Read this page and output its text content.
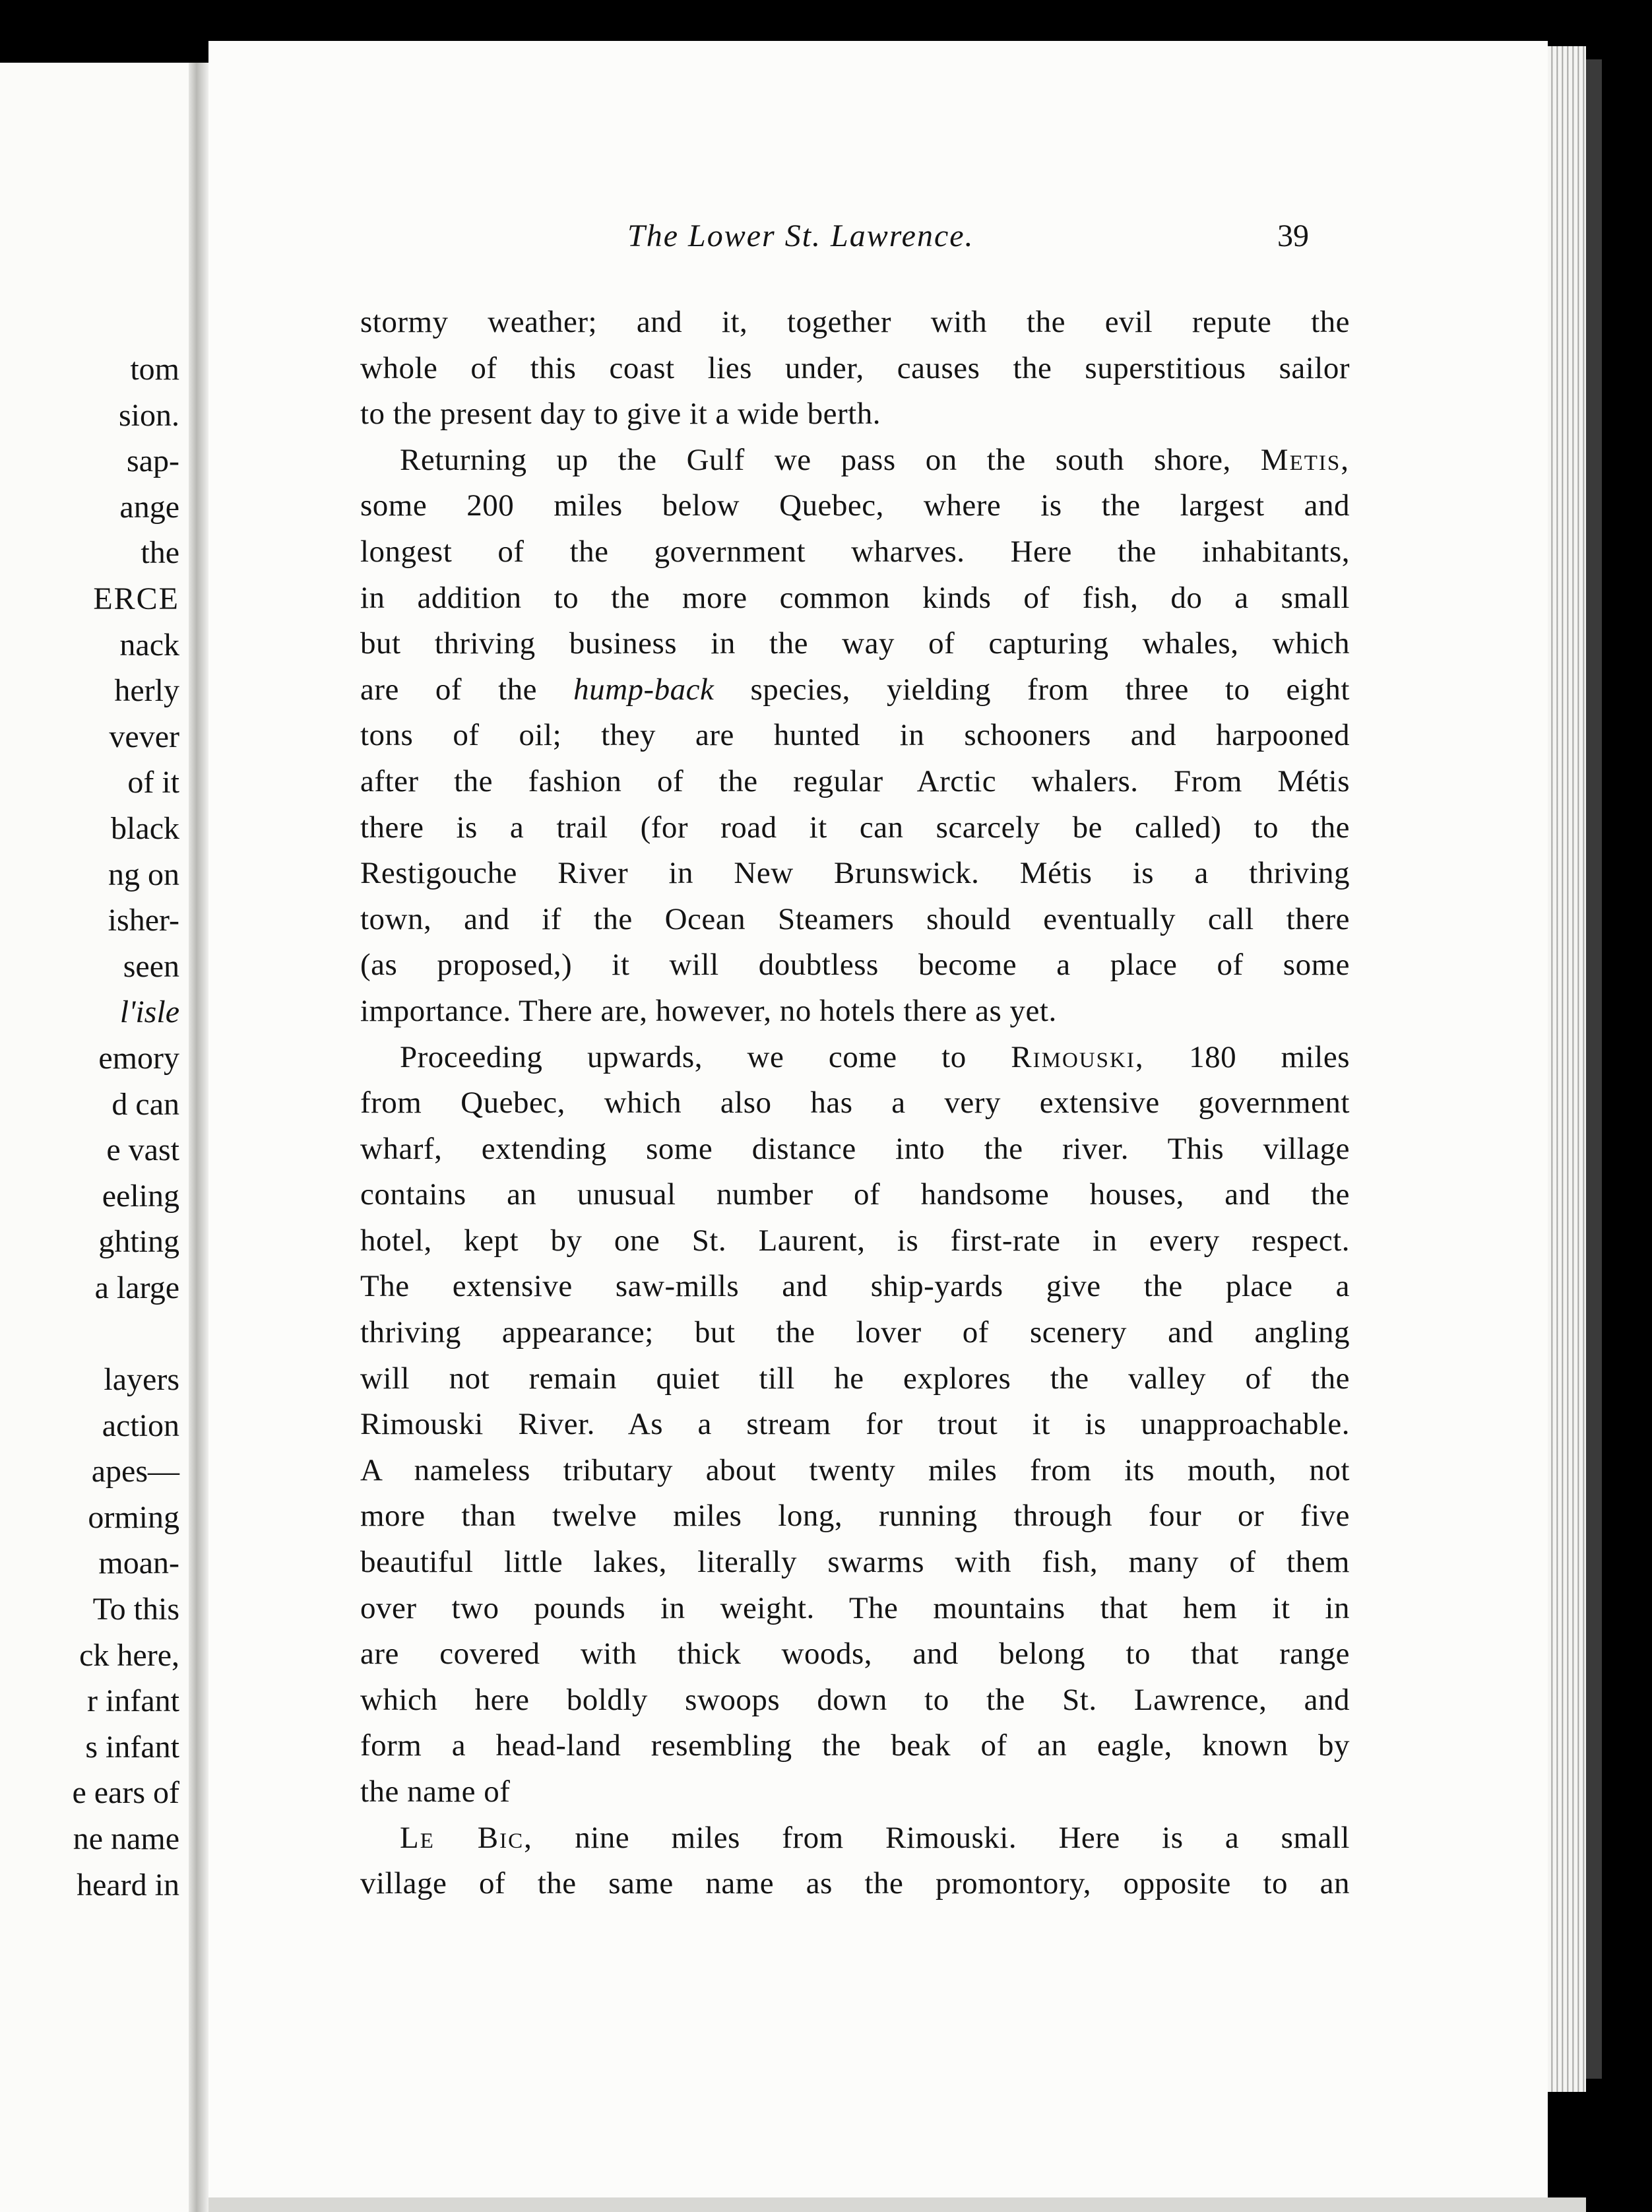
tom
sion.
sap-
ange
the
ERCE
nack
herly
vever
of it
black
ng on
isher-
seen
l'isle
emory
d can
e vast
eeling
ghting
a large
layers
action
apes—
orming
moan-
To this
ck here,
r infant
s infant
e ears of
ne name
heard in
The Lower St. Lawrence.	39
stormy weather; and it, together with the evil repute the
whole of this coast lies under, causes the superstitious sailor
to the present day to give it a wide berth.
Returning up the Gulf we pass on the south shore, Metis,
some 200 miles below Quebec, where is the largest and
longest of the government wharves. Here the inhabitants,
in addition to the more common kinds of fish, do a small
but thriving business in the way of capturing whales, which
are of the hump-back species, yielding from three to eight
tons of oil; they are hunted in schooners and harpooned
after the fashion of the regular Arctic whalers. From Métis
there is a trail (for road it can scarcely be called) to the
Restigouche River in New Brunswick. Métis is a thriving
town, and if the Ocean Steamers should eventually call there
(as proposed,) it will doubtless become a place of some
importance. There are, however, no hotels there as yet.
Proceeding upwards, we come to Rimouski, 180 miles
from Quebec, which also has a very extensive government
wharf, extending some distance into the river. This village
contains an unusual number of handsome houses, and the
hotel, kept by one St. Laurent, is first-rate in every respect.
The extensive saw-mills and ship-yards give the place a
thriving appearance; but the lover of scenery and angling
will not remain quiet till he explores the valley of the
Rimouski River. As a stream for trout it is unapproachable.
A nameless tributary about twenty miles from its mouth, not
more than twelve miles long, running through four or five
beautiful little lakes, literally swarms with fish, many of them
over two pounds in weight. The mountains that hem it in
are covered with thick woods, and belong to that range
which here boldly swoops down to the St. Lawrence, and
form a head-land resembling the beak of an eagle, known by
the name of
Le Bic, nine miles from Rimouski. Here is a small
village of the same name as the promontory, opposite to an
